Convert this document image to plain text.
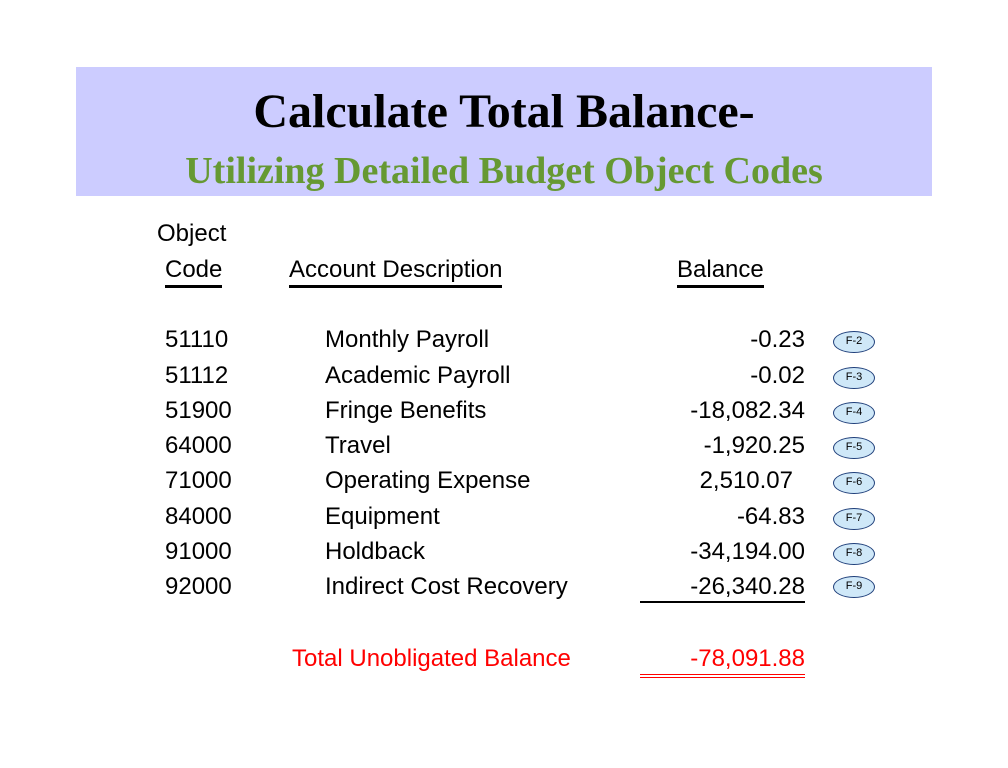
Calculate Total Balance-
Utilizing Detailed Budget Object Codes
Object
Code	Account Description	Balance
51110	Monthly Payroll	-0.23	F-2
51112	Academic Payroll	-0.02	F-3
51900	Fringe Benefits	-18,082.34	F-4
64000	Travel	-1,920.25	F-5
71000	Operating Expense	2,510.07	F-6
84000	Equipment	-64.83	F-7
91000	Holdback	-34,194.00	F-8
92000	Indirect Cost Recovery	-26,340.28	F-9
Total Unobligated Balance	-78,091.88
